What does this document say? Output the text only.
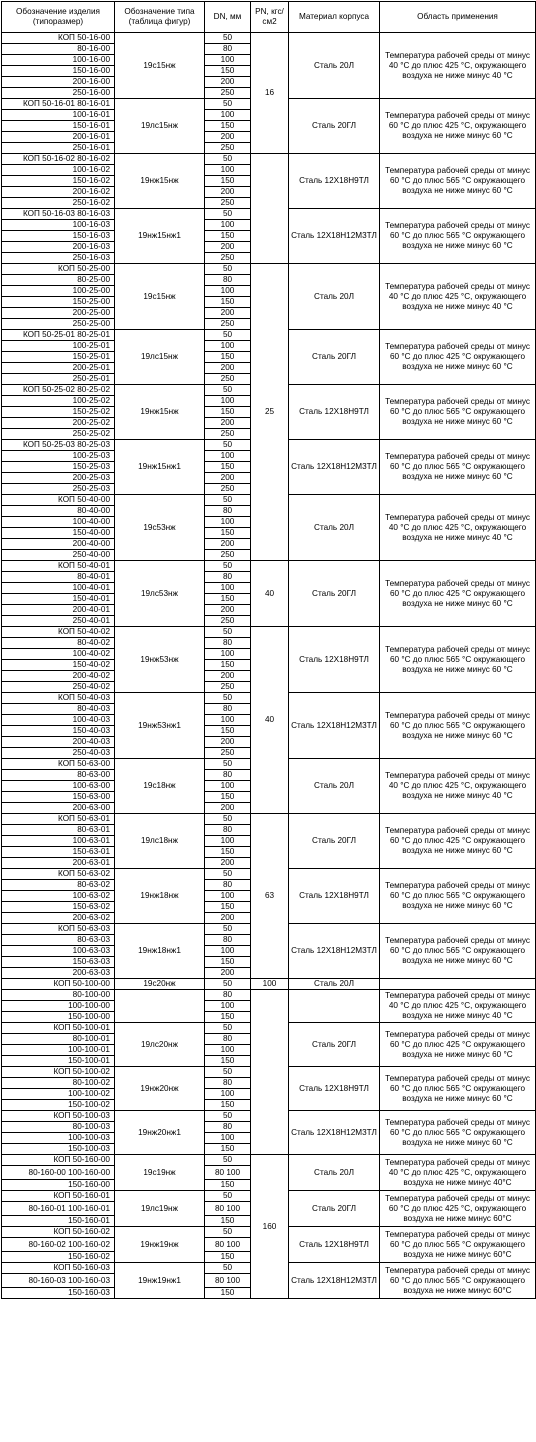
Обозначение изделия (типоразмер)	Обозначение типа (таблица фигур)	DN, мм	PN, кгс/см2	Материал корпуса	Область применения
КОП 50-16-00	19с15нж	50	16	Сталь 20Л	Температура рабочей среды от минус 40 °С до плюс 425 °С, окружающего воздуха не ниже минус 40 °С
80-16-00		80			
100-16-00		100			
150-16-00		150			
200-16-00		200			
250-16-00		250			
КОП 50-16-01 80-16-01	19лс15нж	50		Сталь 20ГЛ	Температура рабочей среды от минус 60 °С до плюс 425 °С, окружающего воздуха не ниже минус 60 °С
100-16-01		100			
150-16-01		150			
200-16-01		200			
250-16-01		250			
КОП 50-16-02 80-16-02	19нж15нж	50		Сталь 12Х18Н9ТЛ	Температура рабочей среды от минус 60 °С до плюс 565 °С окружающего воздуха не ниже минус 60 °С
100-16-02		100			
150-16-02		150			
200-16-02		200			
250-16-02		250			
КОП 50-16-03 80-16-03	19нж15нж1	50		Сталь 12Х18Н12М3ТЛ	Температура рабочей среды от минус 60 °С до плюс 565 °С окружающего воздуха не ниже минус 60 °С
100-16-03		100			
150-16-03		150			
200-16-03		200			
250-16-03		250			
КОП 50-25-00	19с15нж	50	25	Сталь 20Л	Температура рабочей среды от минус 40 °С до плюс 425 °С, окружающего воздуха не ниже минус 40 °С
80-25-00		80			
100-25-00		100			
150-25-00		150			
200-25-00		200			
250-25-00		250			
КОП 50-25-01 80-25-01	19лс15нж	50		Сталь 20ГЛ	Температура рабочей среды от минус 60 °С до плюс 425 °С окружающего воздуха не ниже минус 60 °С
100-25-01		100			
150-25-01		150			
200-25-01		200			
250-25-01		250			
КОП 50-25-02 80-25-02	19нж15нж	50		Сталь 12Х18Н9ТЛ	Температура рабочей среды от минус 60 °С до плюс 565 °С окружающего воздуха не ниже минус 60 °С
100-25-02		100			
150-25-02		150			
200-25-02		200			
250-25-02		250			
КОП 50-25-03 80-25-03	19нж15нж1	50		Сталь 12Х18Н12М3ТЛ	Температура рабочей среды от минус 60 °С до плюс 565 °С окружающего воздуха не ниже минус 60 °С
100-25-03		100			
150-25-03		150			
200-25-03		200			
250-25-03		250			
КОП 50-40-00	19с53нж	50		Сталь 20Л	Температура рабочей среды от минус 40 °С до плюс 425 °С, окружающего воздуха не ниже минус 40 °С
80-40-00		80			
100-40-00		100			
150-40-00		150			
200-40-00		200			
250-40-00		250			
КОП 50-40-01	19лс53нж	50	40	Сталь 20ГЛ	Температура рабочей среды от минус 60 °С до плюс 425 °С окружающего воздуха не ниже минус 60 °С
80-40-01		80			
100-40-01		100			
150-40-01		150			
200-40-01		200			
250-40-01		250			
КОП 50-40-02	19нж53нж	50	40	Сталь 12Х18Н9ТЛ	Температура рабочей среды от минус 60 °С до плюс 565 °С окружающего воздуха не ниже минус 60 °С
80-40-02		80			
100-40-02		100			
150-40-02		150			
200-40-02		200			
250-40-02		250			
КОП 50-40-03	19нж53нж1	50		Сталь 12Х18Н12М3ТЛ	Температура рабочей среды от минус 60 °С до плюс 565 °С окружающего воздуха не ниже минус 60 °С
80-40-03		80			
100-40-03		100			
150-40-03		150			
200-40-03		200			
250-40-03		250			
КОП 50-63-00	19с18нж	50		Сталь 20Л	Температура рабочей среды от минус 40 °С до плюс 425 °С, окружающего воздуха не ниже минус 40 °С
80-63-00		80			
100-63-00		100			
150-63-00		150			
200-63-00		200			
КОП 50-63-01	19лс18нж	50	63	Сталь 20ГЛ	Температура рабочей среды от минус 60 °С до плюс 425 °С окружающего воздуха не ниже минус 60 °С
80-63-01		80			
100-63-01		100			
150-63-01		150			
200-63-01		200			
КОП 50-63-02	19нж18нж	50		Сталь 12Х18Н9ТЛ	Температура рабочей среды от минус 60 °С до плюс 565 °С окружающего воздуха не ниже минус 60 °С
80-63-02		80			
100-63-02		100			
150-63-02		150			
200-63-02		200			
КОП 50-63-03	19нж18нж1	50		Сталь 12Х18Н12М3ТЛ	Температура рабочей среды от минус 60 °С до плюс 565 °С окружающего воздуха не ниже минус 60 °С
80-63-03		80			
100-63-03		100			
150-63-03		150			
200-63-03		200			
КОП 50-100-00	19с20нж	50	100	Сталь 20Л	
80-100-00		80			Температура рабочей среды от минус 40 °С до плюс 425 °С, окружающего воздуха не ниже минус 40 °С
100-100-00		100			
150-100-00		150			
КОП 50-100-01	19лс20нж	50		Сталь 20ГЛ	Температура рабочей среды от минус 60 °С до плюс 425 °С окружающего воздуха не ниже минус 60 °С
80-100-01		80			
100-100-01		100			
150-100-01		150			
КОП 50-100-02	19нж20нж	50		Сталь 12Х18Н9ТЛ	Температура рабочей среды от минус 60 °С до плюс 565 °С окружающего воздуха не ниже минус 60 °С
80-100-02		80			
100-100-02		100			
150-100-02		150			
КОП 50-100-03	19нж20нж1	50		Сталь 12Х18Н12М3ТЛ	Температура рабочей среды от минус 60 °С до плюс 565 °С окружающего воздуха не ниже минус 60 °С
80-100-03		80			
100-100-03		100			
150-100-03		150			
КОП 50-160-00	19с19нж	50	160	Сталь 20Л	Температура рабочей среды от минус 40 °С до плюс 425 °С, окружающего воздуха не ниже минус 40°С
80-160-00 100-160-00		80 100			
150-160-00		150			
КОП 50-160-01	19лс19нж	50		Сталь 20ГЛ	Температура рабочей среды от минус 60 °С до плюс 425 °С, окружающего воздуха не ниже минус 60°С
80-160-01 100-160-01		80 100			
150-160-01		150			
КОП 50-160-02	19нж19нж	50		Сталь 12Х18Н9ТЛ	Температура рабочей среды от минус 60 °С до плюс 565 °С окружающего воздуха не ниже минус 60°С
80-160-02 100-160-02		80 100			
150-160-02		150			
КОП 50-160-03	19нж19нж1	50		Сталь 12Х18Н12М3ТЛ	Температура рабочей среды от минус 60 °С до плюс 565 °С окружающего воздуха не ниже минус 60°С
80-160-03 100-160-03		80 100			
150-160-03		150			
